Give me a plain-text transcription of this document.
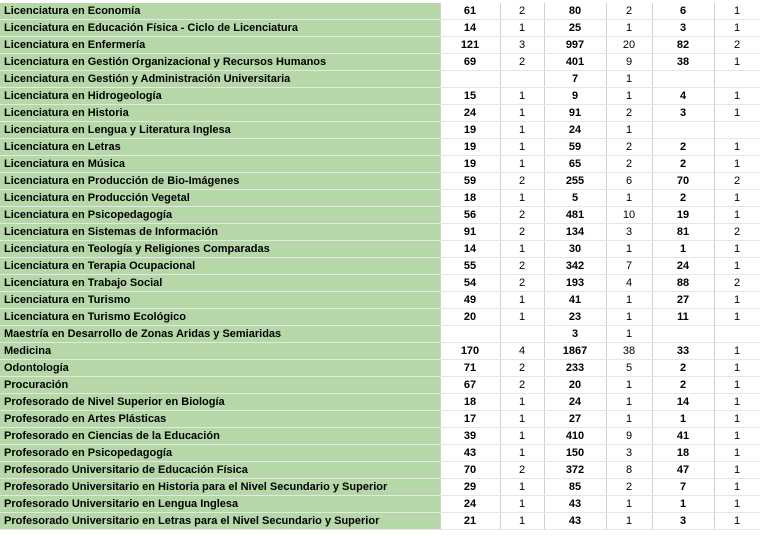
Licenciatura en Economía	61	2	80	2	6	1
Licenciatura en Educación Física - Ciclo de Licenciatura	14	1	25	1	3	1
Licenciatura en Enfermería	121	3	997	20	82	2
Licenciatura en Gestión Organizacional y Recursos Humanos	69	2	401	9	38	1
Licenciatura en Gestión y Administración Universitaria			7	1		
Licenciatura en Hidrogeología	15	1	9	1	4	1
Licenciatura en Historia	24	1	91	2	3	1
Licenciatura en Lengua y Literatura Inglesa	19	1	24	1		
Licenciatura en Letras	19	1	59	2	2	1
Licenciatura en Música	19	1	65	2	2	1
Licenciatura en Producción de Bio-Imágenes	59	2	255	6	70	2
Licenciatura en Producción Vegetal	18	1	5	1	2	1
Licenciatura en Psicopedagogía	56	2	481	10	19	1
Licenciatura en Sistemas de Información	91	2	134	3	81	2
Licenciatura en Teología y Religiones Comparadas	14	1	30	1	1	1
Licenciatura en Terapia Ocupacional	55	2	342	7	24	1
Licenciatura en Trabajo Social	54	2	193	4	88	2
Licenciatura en Turismo	49	1	41	1	27	1
Licenciatura en Turismo Ecológico	20	1	23	1	11	1
Maestría en Desarrollo de Zonas Aridas y Semiaridas			3	1		
Medicina	170	4	1867	38	33	1
Odontología	71	2	233	5	2	1
Procuración	67	2	20	1	2	1
Profesorado de Nivel Superior en Biología	18	1	24	1	14	1
Profesorado en Artes Plásticas	17	1	27	1	1	1
Profesorado en Ciencias de la Educación	39	1	410	9	41	1
Profesorado en Psicopedagogía	43	1	150	3	18	1
Profesorado Universitario de Educación Física	70	2	372	8	47	1
Profesorado Universitario en Historia para el Nivel Secundario y Superior	29	1	85	2	7	1
Profesorado Universitario en Lengua Inglesa	24	1	43	1	1	1
Profesorado Universitario en Letras para el Nivel Secundario y Superior	21	1	43	1	3	1
